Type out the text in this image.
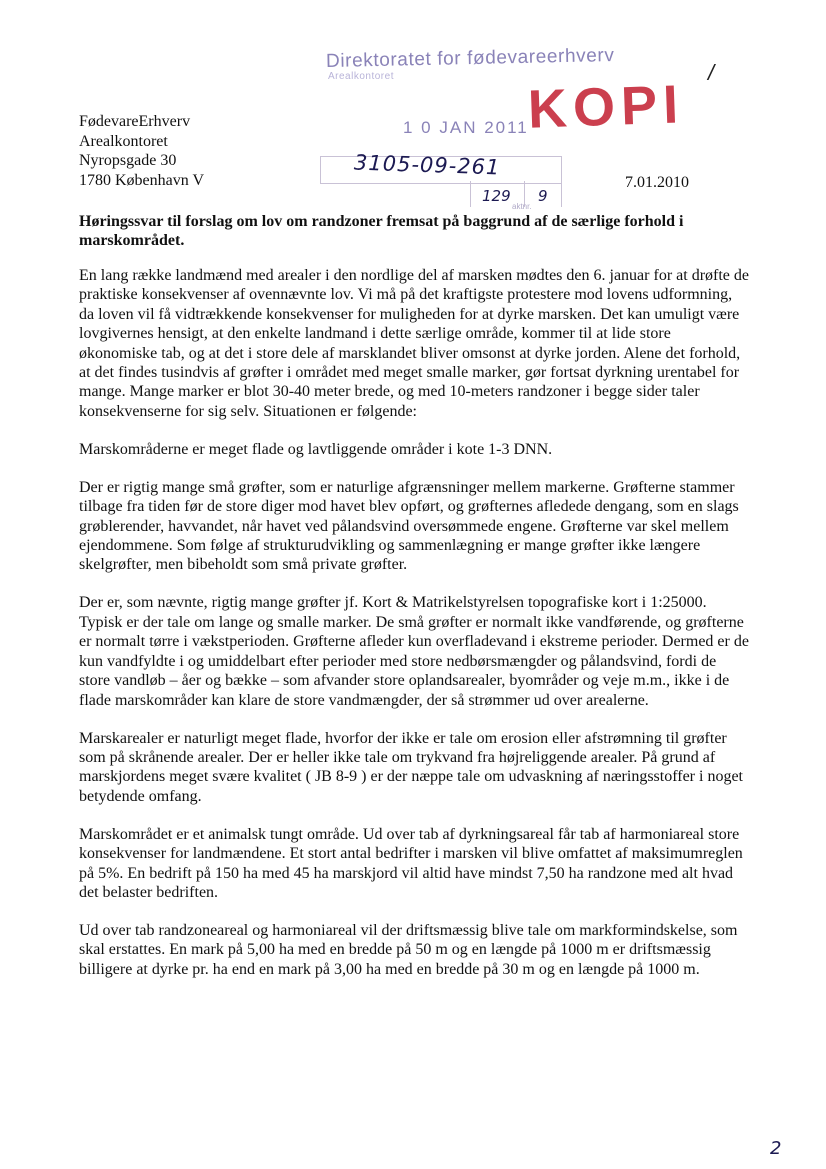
Direktoratet for fødevareerhverv
Arealkontoret KOPI
1 0 JAN 2011
/
3105-09-261
129 9
aktnr.
FødevareErhverv
Arealkontoret
Nyropsgade 30
1780 København V	7.01.2010
Høringssvar til forslag om lov om randzoner fremsat på baggrund af de særlige forhold i marskområdet.

En lang række landmænd med arealer i den nordlige del af marsken mødtes den 6. januar for at drøfte de praktiske konsekvenser af ovennævnte lov. Vi må på det kraftigste protestere mod lovens udformning, da loven vil få vidtrækkende konsekvenser for muligheden for at dyrke marsken. Det kan umuligt være lovgivernes hensigt, at den enkelte landmand i dette særlige område, kommer til at lide store økonomiske tab, og at det i store dele af marsklandet bliver omsonst at dyrke jorden. Alene det forhold, at det findes tusindvis af grøfter i området med meget smalle marker, gør fortsat dyrkning urentabel for mange. Mange marker er blot 30-40 meter brede, og med 10-meters randzoner i begge sider taler konsekvenserne for sig selv. Situationen er følgende:

Marskområderne er meget flade og lavtliggende områder i kote 1-3 DNN.

Der er rigtig mange små grøfter, som er naturlige afgrænsninger mellem markerne. Grøfterne stammer tilbage fra tiden før de store diger mod havet blev opført, og grøfternes afledede dengang, som en slags grøblerender, havvandet, når havet ved pålandsvind oversømmede engene. Grøfterne var skel mellem ejendommene. Som følge af strukturudvikling og sammenlægning er mange grøfter ikke længere skelgrøfter, men bibeholdt som små private grøfter.

Der er, som nævnte, rigtig mange grøfter jf. Kort & Matrikelstyrelsen topografiske kort i 1:25000. Typisk er der tale om lange og smalle marker. De små grøfter er normalt ikke vandførende, og grøfterne er normalt tørre i vækstperioden. Grøfterne afleder kun overfladevand i ekstreme perioder. Dermed er de kun vandfyldte i og umiddelbart efter perioder med store nedbørsmængder og pålandsvind, fordi de store vandløb – åer og bække – som afvander store oplandsarealer, byområder og veje m.m., ikke i de flade marskområder kan klare de store vandmængder, der så strømmer ud over arealerne.

Marskarealer er naturligt meget flade, hvorfor der ikke er tale om erosion eller afstrømning til grøfter som på skrånende arealer. Der er heller ikke tale om trykvand fra højreliggende arealer. På grund af marskjordens meget svære kvalitet ( JB 8-9 ) er der næppe tale om udvaskning af næringsstoffer i noget betydende omfang.

Marskområdet er et animalsk tungt område. Ud over tab af dyrkningsareal får tab af harmoniareal store konsekvenser for landmændene. Et stort antal bedrifter i marsken vil blive omfattet af maksimumreglen på 5%. En bedrift på 150 ha med 45 ha marskjord vil altid have mindst 7,50 ha randzone med alt hvad det belaster bedriften.

Ud over tab randzoneareal og harmoniareal vil der driftsmæssig blive tale om markformindskelse, som skal erstattes. En mark på 5,00 ha med en bredde på 50 m og en længde på 1000 m er driftsmæssig billigere at dyrke pr. ha end en mark på 3,00 ha med en bredde på 30 m og en længde på 1000 m.

2
